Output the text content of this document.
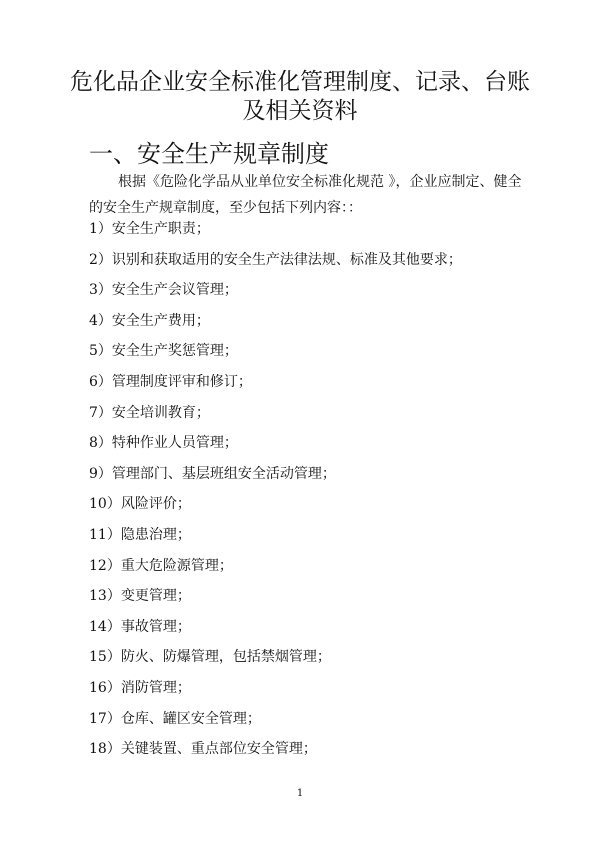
危化品企业安全标准化管理制度、记录、台账及相关资料
一、安全生产规章制度

根据《危险化学品从业单位安全标准化规范 》，企业应制定、健全的安全生产规章制度，至少包括下列内容：：

1）安全生产职责；
2）识别和获取适用的安全生产法律法规、标准及其他要求；
3）安全生产会议管理；
4）安全生产费用；
5）安全生产奖惩管理；
6）管理制度评审和修订；
7）安全培训教育；
8）特种作业人员管理；
9）管理部门、基层班组安全活动管理；
10）风险评价；
11）隐患治理；
12）重大危险源管理；
13）变更管理；
14）事故管理；
15）防火、防爆管理，包括禁烟管理；
16）消防管理；
17）仓库、罐区安全管理；
18）关键装置、重点部位安全管理；
1
